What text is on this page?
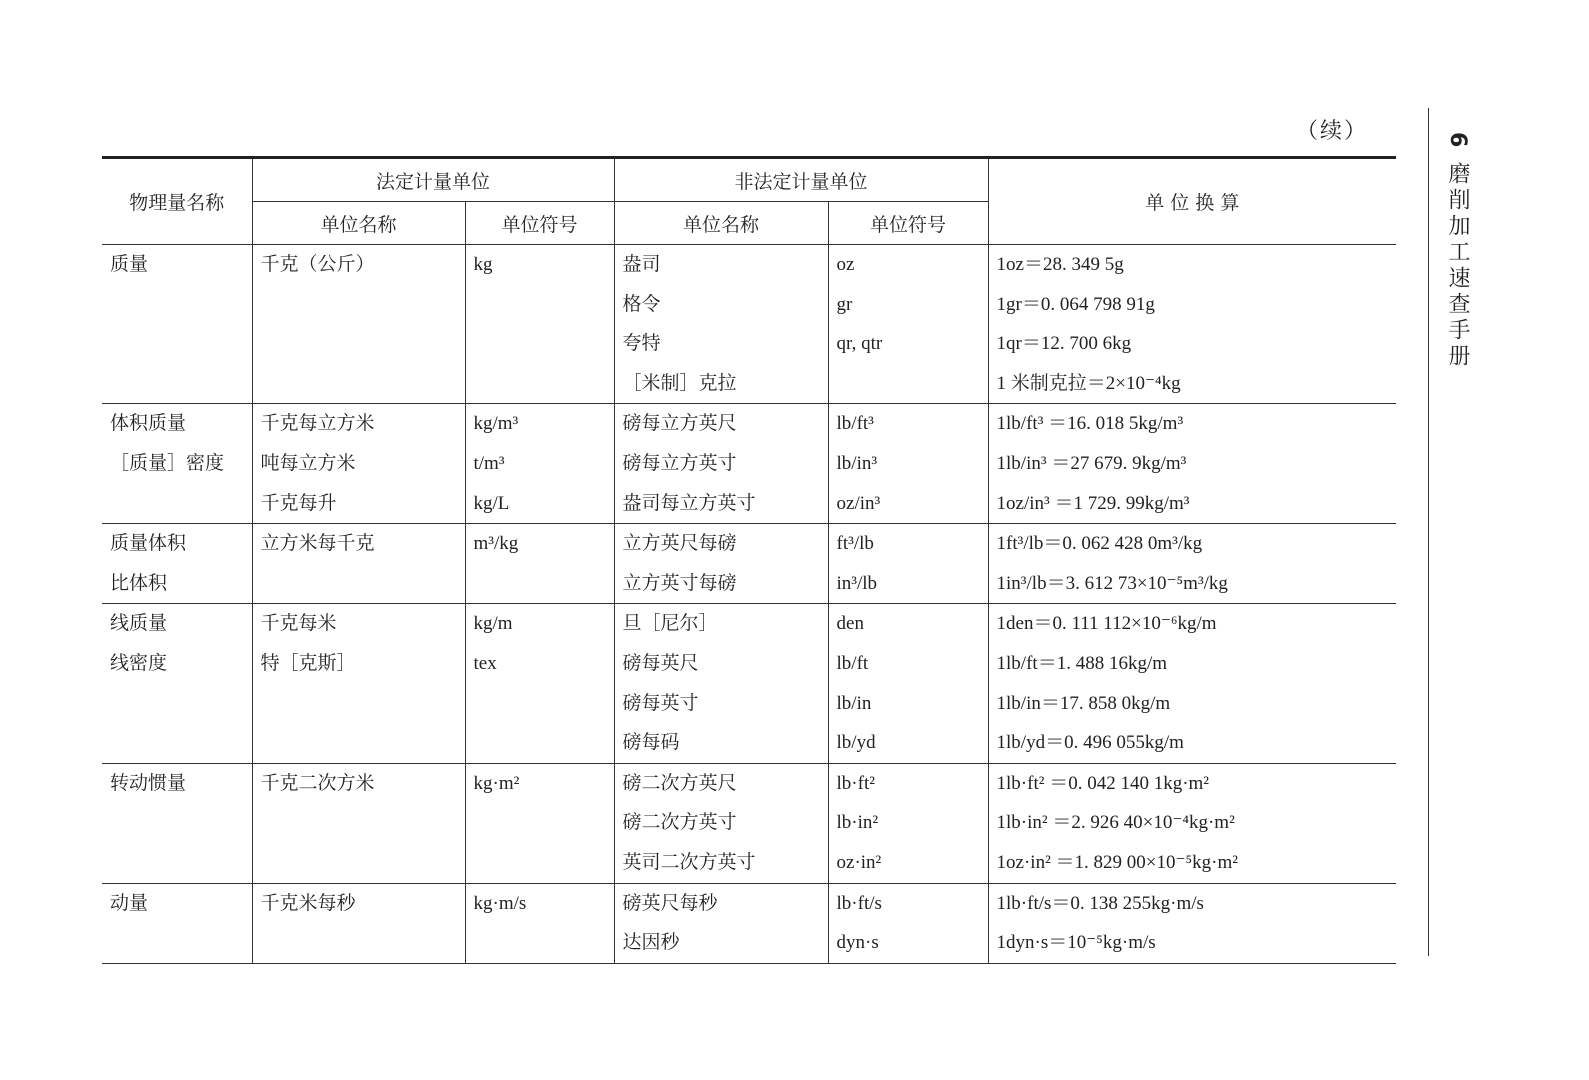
（续）	6 磨削加工速查手册
物理量名称	法定计量单位		非法定计量单位		单 位 换 算
	单位名称	单位符号	单位名称	单位符号	
质量	千克（公斤）	kg	盎司	oz	1oz＝28. 349 5g
			格令	gr	1gr＝0. 064 798 91g
			夸特	qr, qtr	1qr＝12. 700 6kg
			［米制］克拉		1 米制克拉＝2×10⁻⁴kg
体积质量	千克每立方米	kg/m³	磅每立方英尺	lb/ft³	1lb/ft³ ＝16. 018 5kg/m³
［质量］密度	吨每立方米	t/m³	磅每立方英寸	lb/in³	1lb/in³ ＝27 679. 9kg/m³
	千克每升	kg/L	盎司每立方英寸	oz/in³	1oz/in³ ＝1 729. 99kg/m³
质量体积	立方米每千克	m³/kg	立方英尺每磅	ft³/lb	1ft³/lb＝0. 062 428 0m³/kg
比体积			立方英寸每磅	in³/lb	1in³/lb＝3. 612 73×10⁻⁵m³/kg
线质量	千克每米	kg/m	旦［尼尔］	den	1den＝0. 111 112×10⁻⁶kg/m
线密度	特［克斯］	tex	磅每英尺	lb/ft	1lb/ft＝1. 488 16kg/m
			磅每英寸	lb/in	1lb/in＝17. 858 0kg/m
			磅每码	lb/yd	1lb/yd＝0. 496 055kg/m
转动惯量	千克二次方米	kg·m²	磅二次方英尺	lb·ft²	1lb·ft² ＝0. 042 140 1kg·m²
			磅二次方英寸	lb·in²	1lb·in² ＝2. 926 40×10⁻⁴kg·m²
			英司二次方英寸	oz·in²	1oz·in² ＝1. 829 00×10⁻⁵kg·m²
动量	千克米每秒	kg·m/s	磅英尺每秒	lb·ft/s	1lb·ft/s＝0. 138 255kg·m/s
			达因秒	dyn·s	1dyn·s＝10⁻⁵kg·m/s
